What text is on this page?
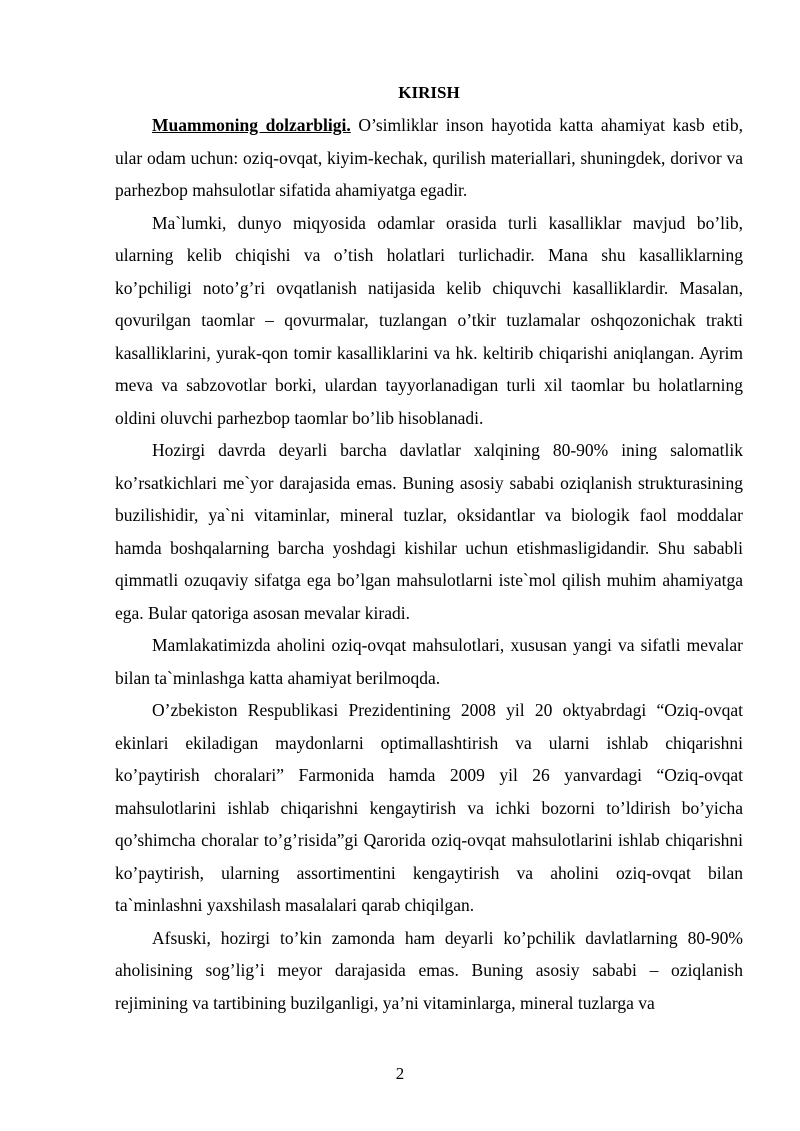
KIRISH

Muammoning dolzarbligi. O’simliklar inson hayotida katta ahamiyat kasb etib, ular odam uchun: oziq-ovqat, kiyim-kechak, qurilish materiallari, shuningdek, dorivor va parhezbop mahsulotlar sifatida ahamiyatga egadir.

Ma`lumki, dunyo miqyosida odamlar orasida turli kasalliklar mavjud bo’lib, ularning kelib chiqishi va o’tish holatlari turlichadir. Mana shu kasalliklarning ko’pchiligi noto’g’ri ovqatlanish natijasida kelib chiquvchi kasalliklardir. Masalan, qovurilgan taomlar – qovurmalar, tuzlangan o’tkir tuzlamalar oshqozonichak trakti kasalliklarini, yurak-qon tomir kasalliklarini va hk. keltirib chiqarishi aniqlangan. Ayrim meva va sabzovotlar borki, ulardan tayyorlanadigan turli xil taomlar bu holatlarning oldini oluvchi parhezbop taomlar bo’lib hisoblanadi.

Hozirgi davrda deyarli barcha davlatlar xalqining 80-90% ining salomatlik ko’rsatkichlari me`yor darajasida emas. Buning asosiy sababi oziqlanish strukturasining buzilishidir, ya`ni vitaminlar, mineral tuzlar, oksidantlar va biologik faol moddalar hamda boshqalarning barcha yoshdagi kishilar uchun etishmasligidandir. Shu sababli qimmatli ozuqaviy sifatga ega bo’lgan mahsulotlarni iste`mol qilish muhim ahamiyatga ega. Bular qatoriga asosan mevalar kiradi.

Mamlakatimizda aholini oziq-ovqat mahsulotlari, xususan yangi va sifatli mevalar bilan ta`minlashga katta ahamiyat berilmoqda.

O’zbekiston Respublikasi Prezidentining 2008 yil 20 oktyabrdagi “Oziq-ovqat ekinlari ekiladigan maydonlarni optimallashtirish va ularni ishlab chiqarishni ko’paytirish choralari” Farmonida hamda 2009 yil 26 yanvardagi “Oziq-ovqat mahsulotlarini ishlab chiqarishni kengaytirish va ichki bozorni to’ldirish bo’yicha qo’shimcha choralar to’g’risida”gi Qarorida oziq-ovqat mahsulotlarini ishlab chiqarishni ko’paytirish, ularning assortimentini kengaytirish va aholini oziq-ovqat bilan ta`minlashni yaxshilash masalalari qarab chiqilgan.

Afsuski, hozirgi to’kin zamonda ham deyarli ko’pchilik davlatlarning 80-90% aholisining sog’lig’i meyor darajasida emas. Buning asosiy sababi – oziqlanish rejimining va tartibining buzilganligi, ya’ni vitaminlarga, mineral tuzlarga va

2
